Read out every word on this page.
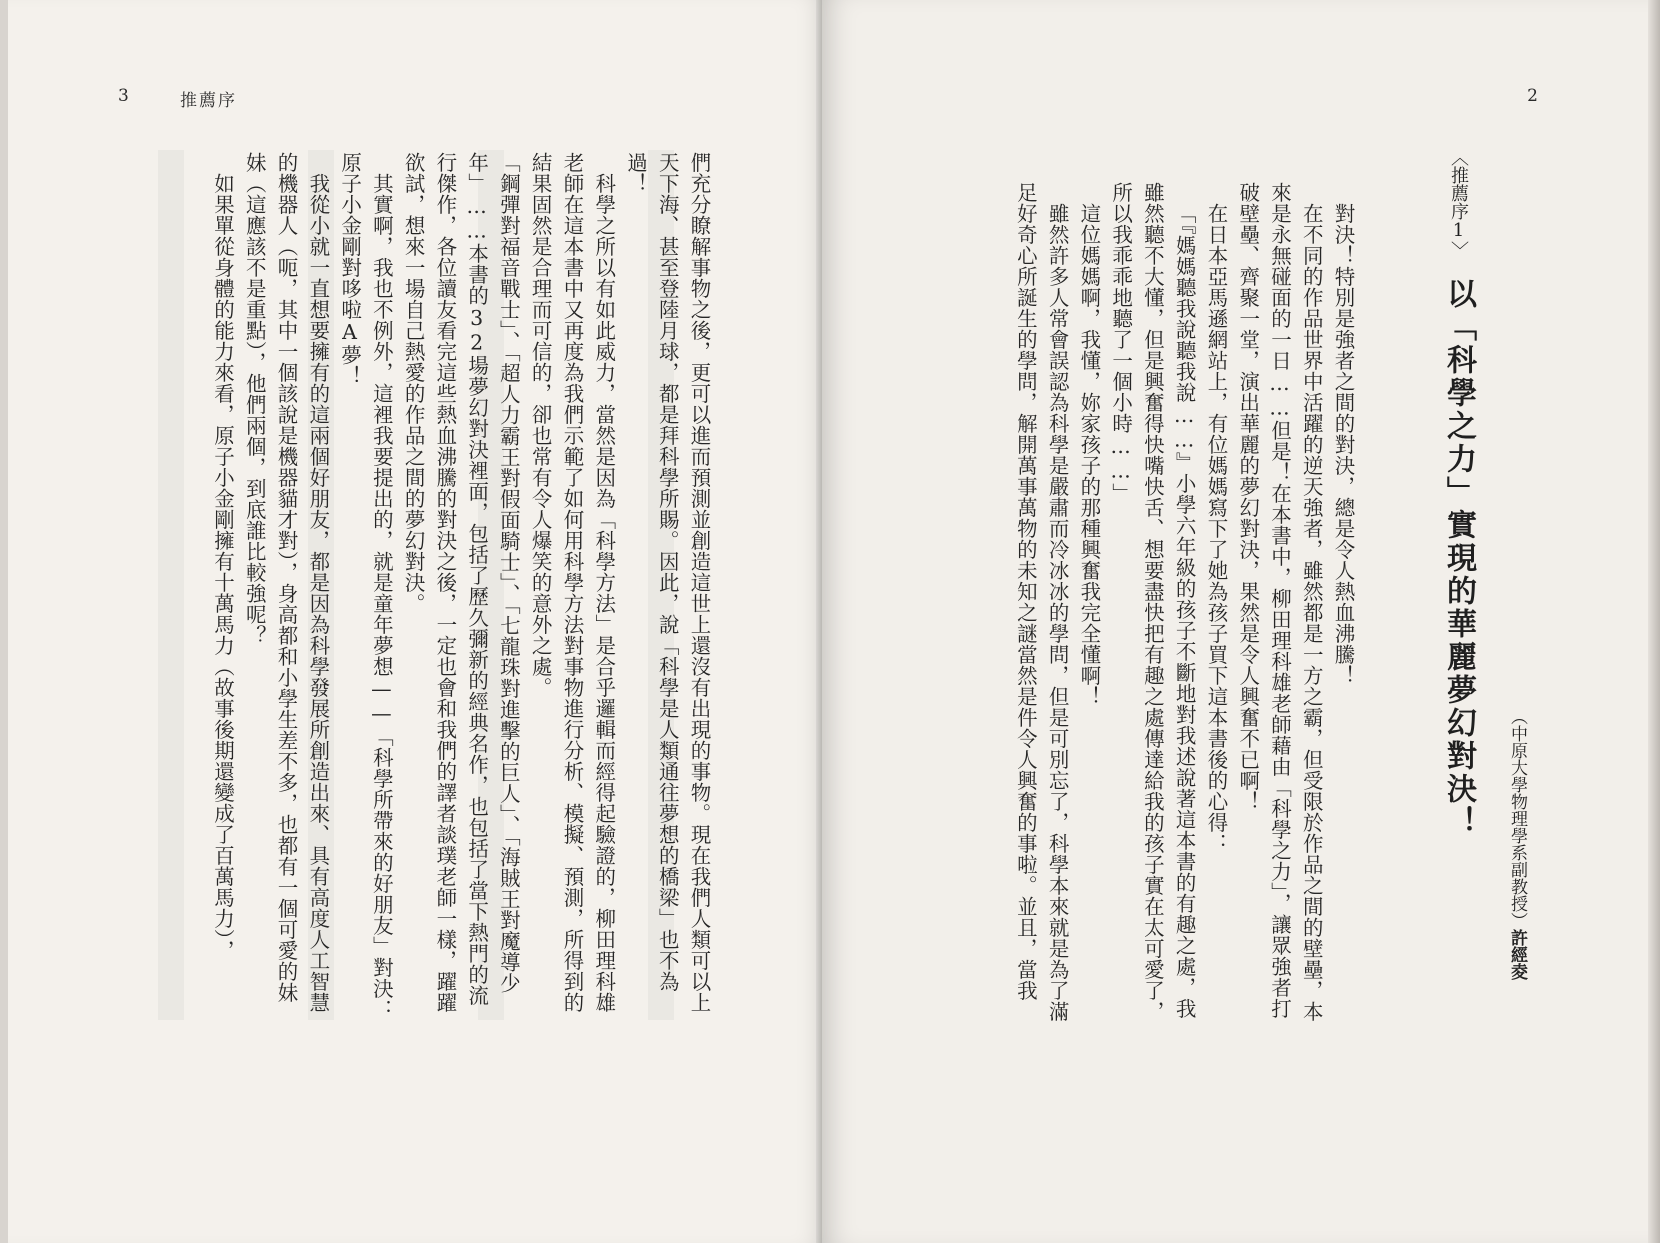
3	推薦序

們充分瞭解事物之後，更可以進而預測並創造這世上還沒有出現的事物。現在我們人類可以上天下海、甚至登陸月球，都是拜科學所賜。因此，說「科學是人類通往夢想的橋梁」也不為過！

科學之所以有如此威力，當然是因為「科學方法」是合乎邏輯而經得起驗證的，柳田理科雄老師在這本書中又再度為我們示範了如何用科學方法對事物進行分析、模擬、預測，所得到的結果固然是合理而可信的，卻也常有令人爆笑的意外之處。

「鋼彈對福音戰士」、「超人力霸王對假面騎士」、「七龍珠對進擊的巨人」、「海賊王對魔導少年」……本書的32場夢幻對決裡面，包括了歷久彌新的經典名作，也包括了當下熱門的流行傑作，各位讀友看完這些熱血沸騰的對決之後，一定也會和我們的譯者談璞老師一樣，躍躍欲試，想來一場自己熱愛的作品之間的夢幻對決。

其實啊，我也不例外，這裡我要提出的，就是童年夢想——「科學所帶來的好朋友」對決：原子小金剛對哆啦A夢！

我從小就一直想要擁有的這兩個好朋友，都是因為科學發展所創造出來、具有高度人工智慧的機器人（呃，其中一個該說是機器貓才對），身高都和小學生差不多，也都有一個可愛的妹妹（這應該不是重點），他們兩個，到底誰比較強呢？

如果單從身體的能力來看，原子小金剛擁有十萬馬力（故事後期還變成了百萬馬力），

2
〈推薦序1〉 以「科學之力」實現的華麗夢幻對決！ （中原大學物理學系副教授）許經夌

對決！特別是強者之間的對決，總是令人熱血沸騰！

在不同的作品世界中活躍的逆天強者，雖然都是一方之霸，但受限於作品之間的壁壘，本來是永無碰面的一日……但是！在本書中，柳田理科雄老師藉由「科學之力」，讓眾強者打破壁壘、齊聚一堂，演出華麗的夢幻對決，果然是令人興奮不已啊！

在日本亞馬遜網站上，有位媽媽寫下了她為孩子買下這本書後的心得：

「『媽媽聽我說聽我說……』小學六年級的孩子不斷地對我述說著這本書的有趣之處，我雖然聽不大懂，但是興奮得快嘴快舌、想要盡快把有趣之處傳達給我的孩子實在太可愛了，所以我乖乖地聽了一個小時……」

這位媽媽啊，我懂，妳家孩子的那種興奮我完全懂啊！

雖然許多人常會誤認為科學是嚴肅而冷冰冰的學問，但是可別忘了，科學本來就是為了滿足好奇心所誕生的學問，解開萬事萬物的未知之謎當然是件令人興奮的事啦。並且，當我
